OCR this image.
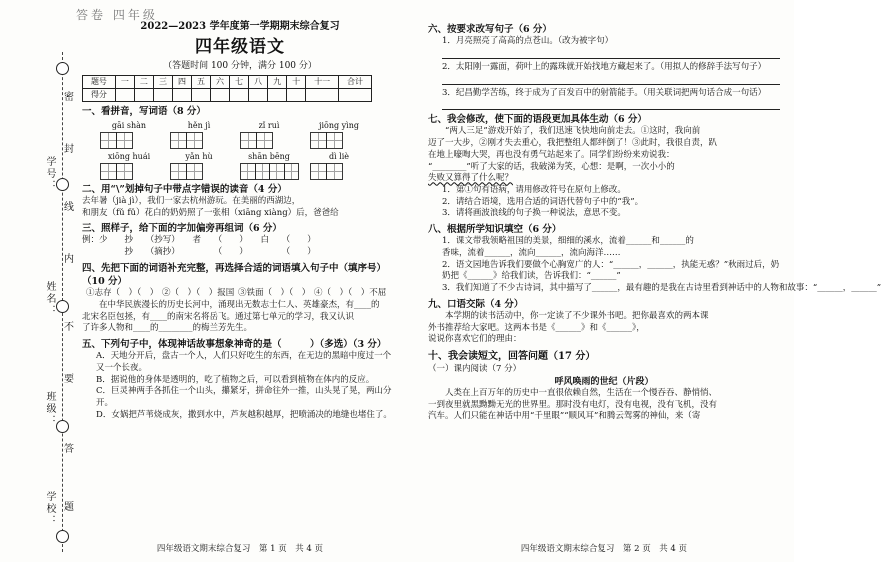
答卷 四年级
学号：
姓名：
班级：
学校：
密
封
线
内
不
要
答
题
2022—2023 学年度第一学期期末综合复习
四年级语文
（答题时间 100 分钟，满分 100 分）
题号	一	二	三	四	五	六	七	八	九	十	十一	合计
得分												
一、看拼音，写词语（8 分）
gāi shàn	hěn jì	zǐ ruì	jiōng yìng
xiōng huái	yǎn hù	shān bēng	dì liè
二、用“\”划掉句子中带点字错误的读音（4 分）
去年暑（jià jì），我们一家去杭州游玩。在美丽的西湖边，
和朋友（fǔ fǔ）花白的奶奶照了一张相（xiāng xiàng）后，爸爸给
三、照样子，给下面的字加偏旁再组词（6 分）
例：少　　抄　　（抄写）　　者　　（　　）　　白　　（　　）
　　　　　抄　　（摘抄）　　　　　（　　）　　　　　（　　）
四、先把下面的词语补充完整，再选择合适的词语填入句子中（填序号）（10 分）
①志存（　）（　） ②（　）（　）报国 ③铁面（　）（　） ④（　）（　）不屈
　　在中华民族漫长的历史长河中，涌现出无数志士仁人、英雄豪杰，有____的
北宋名臣包拯，有____的南宋名将岳飞。通过第七单元的学习，我又认识
了许多人物和____的________的梅兰芳先生。
五、下列句子中，体现神话故事想象神奇的是（　　　）（多选）（3 分）
A．天地分开后，盘古一个人，人们只好吃生的东西，在无边的黑暗中度过一个又一个长夜。
B．据说他的身体是透明的，吃了植物之后，可以看到植物在体内的反应。
C．巨灵神两手各抓住一个山头，攥紧牙，拼命往外一推，山头晃了晃，两山分开。
D．女娲把芦苇烧成灰，撒到水中，芦灰越积越厚，把喷涌决的地缝也堵住了。
四年级语文期末综合复习　第 1 页　共 4 页
六、按要求改写句子（6 分）
1．月亮照亮了高高的点苍山。（改为被字句）
2．太阳刚一露面，荷叶上的露珠就开始找地方藏起来了。（用拟人的修辞手法写句子）
3．纪昌勤学苦练，终于成为了百发百中的射箭能手。（用关联词把两句话合成一句话）
七、我会修改，使下面的语段更加具体生动（6 分）
　　“两人三足”游戏开始了，我们迅速飞快地向前走去。①这时，我向前
迈了一大步，②刚才失去重心，我把整组人都绊倒了！③此时，我很自责，趴
在地上嚎啕大哭，再也没有勇气站起来了。同学们纷纷来劝说我：
“________”听了大家的话，我破涕为笑，心想：是啊，一次小小的
失败又算得了什么呢？
1．第①句有语病，请用修改符号在原句上修改。
2．请结合语境，选用合适的词语代替句子中的“我”。
3．请将画波浪线的句子换一种说法，意思不变。
八、根据所学知识填空（6 分）
1．课文带我领略祖国的美景，细细的溪水，流着______和______的
香味，流着______，流向______，流向海洋……
2．语文园地告诉我们要做个心胸宽广的人：“______，______，执能无惑？”秋雨过后，奶
奶把《______》给我们读，告诉我们：“______”
3．我们知道了不少古诗词，其中描写了______，最有趣的是我在古诗里看到神话中的人物和故事：“______，______”
九、口语交际（4 分）
　　本学期的读书活动中，你一定读了不少课外书吧。把你最喜欢的两本课
外书推荐给大家吧。这两本书是《______》和《______》，
说说你喜欢它们的理由：
十、我会读短文，回答问题（17 分）
（一）课内阅读（7 分）
呼风唤雨的世纪（片段）
　　人类在上百万年的历史中一直很依赖自然，生活在一个慢吞吞、静悄悄、
一到夜里就黑黝黝无光的世界里。那时没有电灯，没有电视，没有飞机，没有
汽车。人们只能在神话中用“千里眼”“顺风耳”和腾云驾雾的神仙，来（寄
四年级语文期末综合复习　第 2 页　共 4 页
